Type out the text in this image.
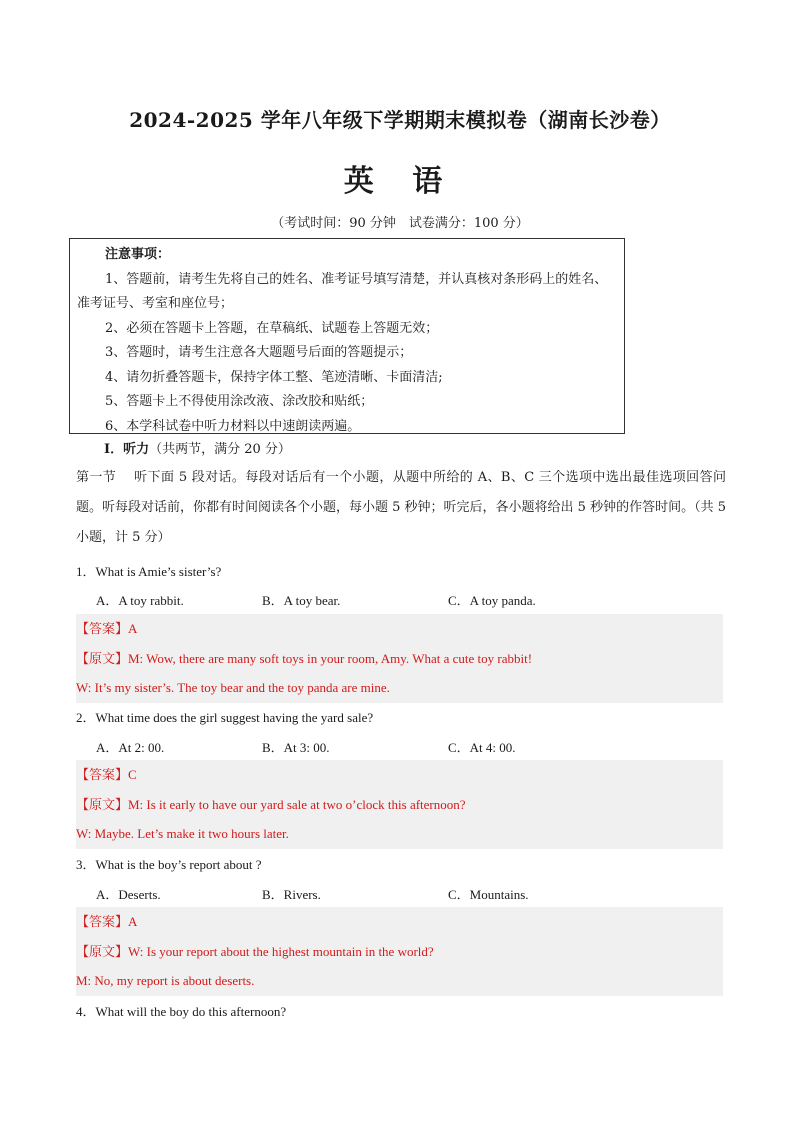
2024-2025 学年八年级下学期期末模拟卷（湖南长沙卷）
英 语
（考试时间：90 分钟　试卷满分：100 分）
注意事项：
1、答题前，请考生先将自己的姓名、准考证号填写清楚，并认真核对条形码上的姓名、准考证号、考室和座位号；
2、必须在答题卡上答题，在草稿纸、试题卷上答题无效；
3、答题时，请考生注意各大题题号后面的答题提示；
4、请勿折叠答题卡，保持字体工整、笔迹清晰、卡面清洁;
5、答题卡上不得使用涂改液、涂改胶和贴纸；
6、本学科试卷中听力材料以中速朗读两遍。
I．听力（共两节，满分 20 分）
第一节　 听下面 5 段对话。每段对话后有一个小题，从题中所给的 A、B、C 三个选项中选出最佳选项回答问题。听每段对话前，你都有时间阅读各个小题，每小题 5 秒钟；听完后，各小题将给出 5 秒钟的作答时间。（共 5 小题，计 5 分）
1．What is Amie’s sister’s?
A．A toy rabbit.	B．A toy bear.	C．A toy panda.
【答案】A
【原文】M: Wow, there are many soft toys in your room, Amy. What a cute toy rabbit!
W: It’s my sister’s. The toy bear and the toy panda are mine.
2．What time does the girl suggest having the yard sale?
A．At 2: 00.	B．At 3: 00.	C．At 4: 00.
【答案】C
【原文】M: Is it early to have our yard sale at two o’clock this afternoon?
W: Maybe. Let’s make it two hours later.
3．What is the boy’s report about ?
A．Deserts.	B．Rivers.	C．Mountains.
【答案】A
【原文】W: Is your report about the highest mountain in the world?
M: No, my report is about deserts.
4．What will the boy do this afternoon?
